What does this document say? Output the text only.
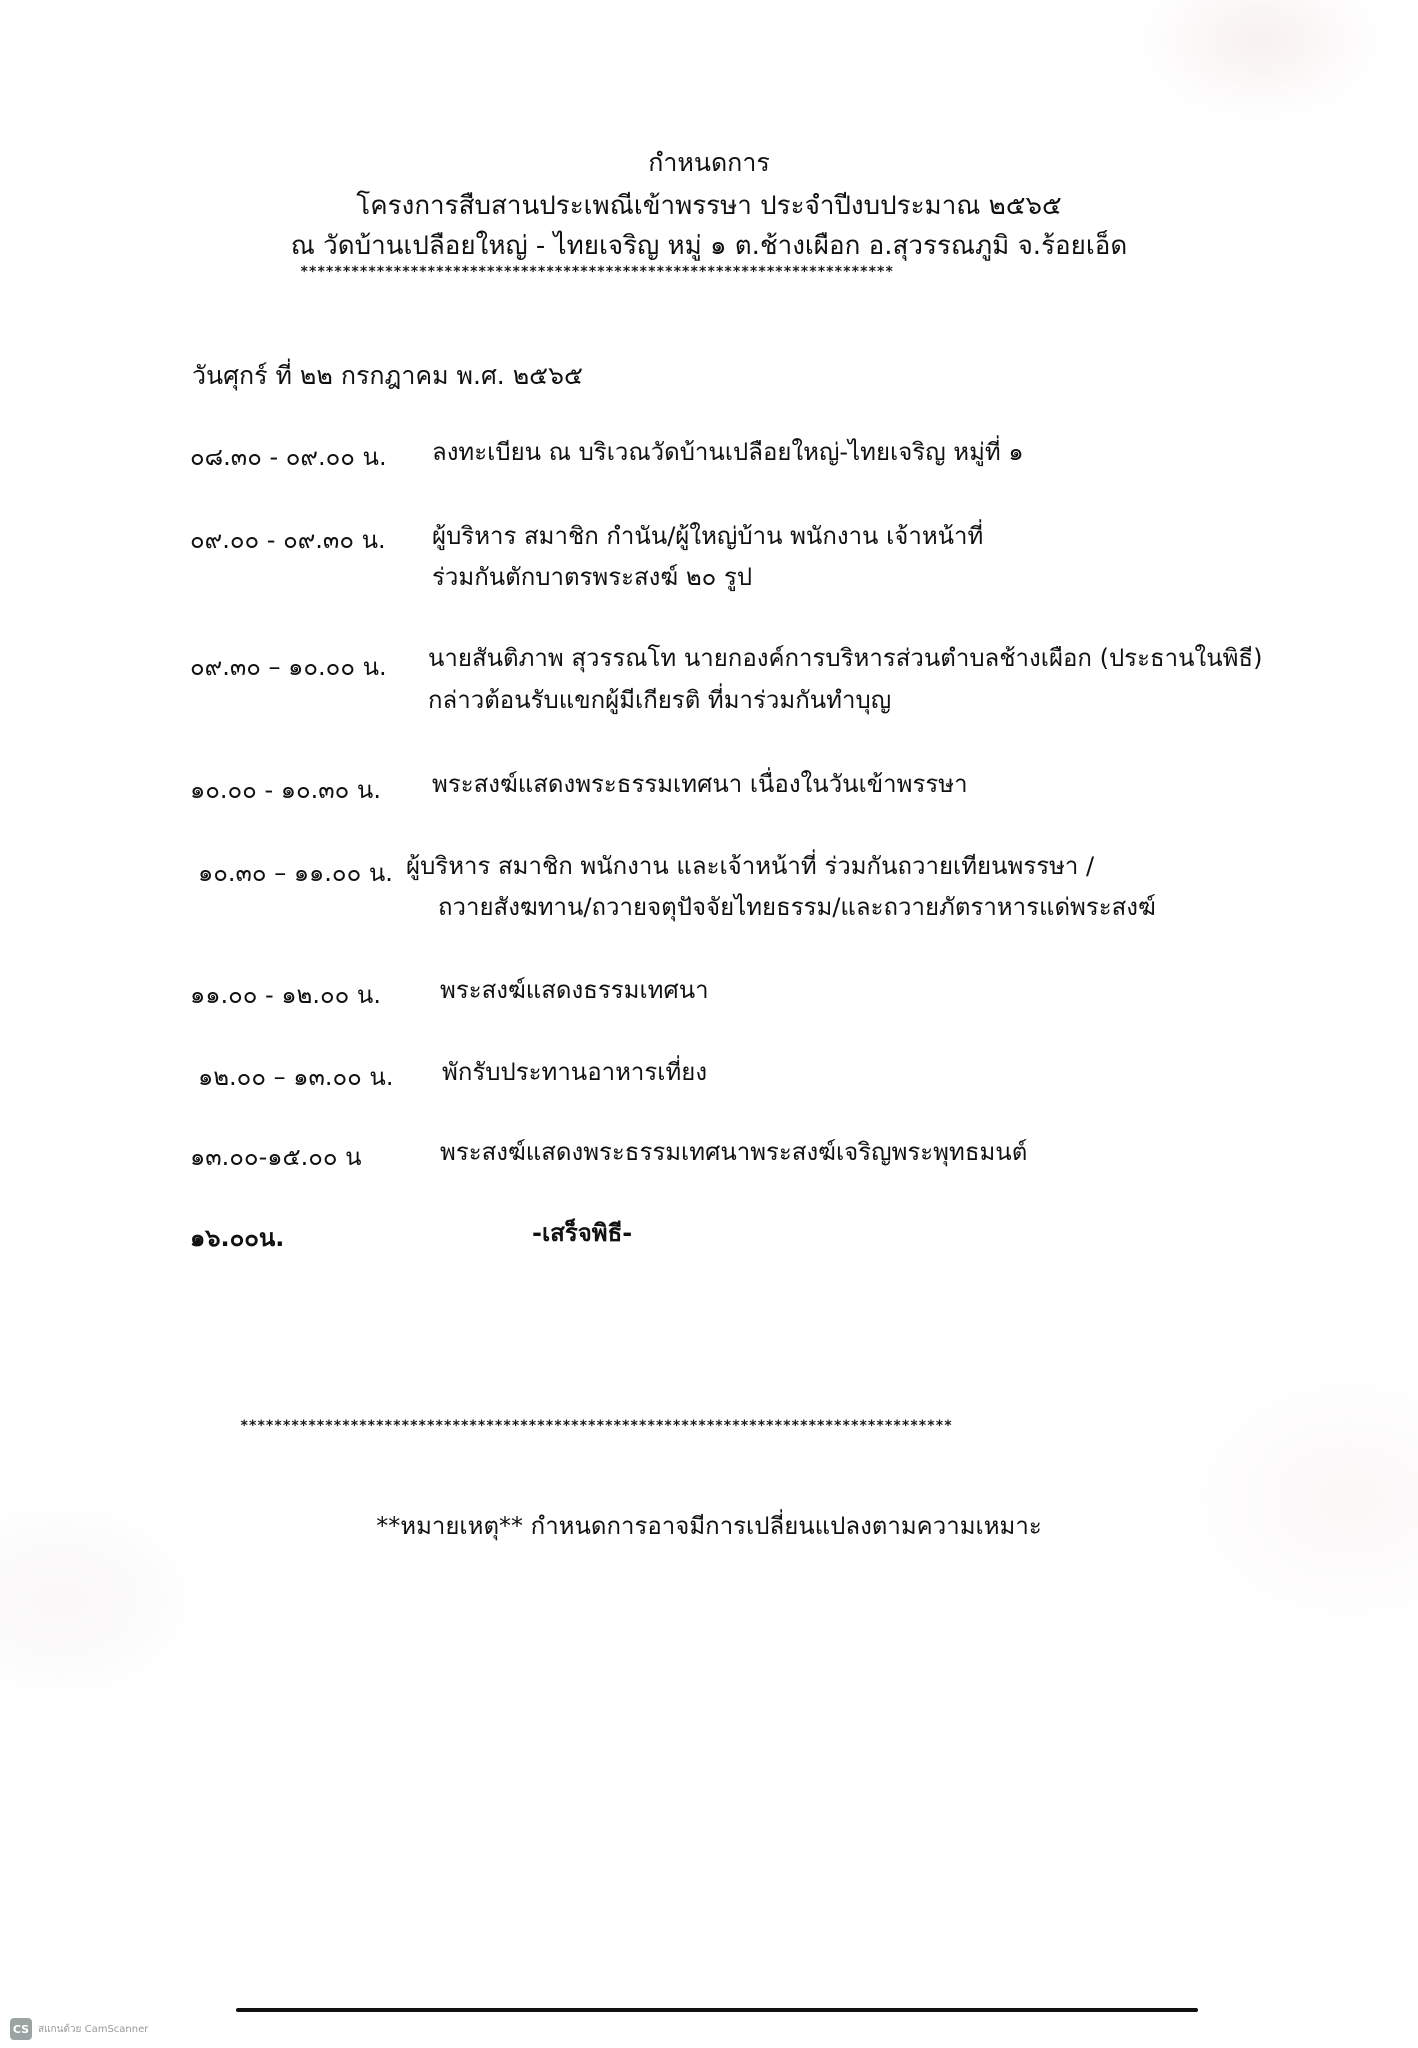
กำหนดการ
โครงการสืบสานประเพณีเข้าพรรษา ประจำปีงบประมาณ ๒๕๖๕
ณ วัดบ้านเปลือยใหญ่ - ไทยเจริญ หมู่ ๑ ต.ช้างเผือก อ.สุวรรณภูมิ จ.ร้อยเอ็ด
**********************************************************************
วันศุกร์ ที่ ๒๒ กรกฎาคม พ.ศ. ๒๕๖๕
๐๘.๓๐ - ๐๙.๐๐ น. ลงทะเบียน ณ บริเวณวัดบ้านเปลือยใหญ่-ไทยเจริญ หมู่ที่ ๑
๐๙.๐๐ - ๐๙.๓๐ น. ผู้บริหาร สมาชิก กำนัน/ผู้ใหญ่บ้าน พนักงาน เจ้าหน้าที่
ร่วมกันตักบาตรพระสงฆ์ ๒๐ รูป
๐๙.๓๐ – ๑๐.๐๐ น. นายสันติภาพ สุวรรณโท นายกองค์การบริหารส่วนตำบลช้างเผือก (ประธานในพิธี)
กล่าวต้อนรับแขกผู้มีเกียรติ ที่มาร่วมกันทำบุญ
๑๐.๐๐ - ๑๐.๓๐ น. พระสงฆ์แสดงพระธรรมเทศนา เนื่องในวันเข้าพรรษา
๑๐.๓๐ – ๑๑.๐๐ น. ผู้บริหาร สมาชิก พนักงาน และเจ้าหน้าที่ ร่วมกันถวายเทียนพรรษา /
ถวายสังฆทาน/ถวายจตุปัจจัยไทยธรรม/และถวายภัตราหารแด่พระสงฆ์
๑๑.๐๐ - ๑๒.๐๐ น. พระสงฆ์แสดงธรรมเทศนา
๑๒.๐๐ – ๑๓.๐๐ น. พักรับประทานอาหารเที่ยง
๑๓.๐๐-๑๕.๐๐ น	พระสงฆ์แสดงพระธรรมเทศนาพระสงฆ์เจริญพระพุทธมนต์
๑๖.๐๐น.	-เสร็จพิธี-
************************************************************************************
**หมายเหตุ** กำหนดการอาจมีการเปลี่ยนแปลงตามความเหมาะ
CS สแกนด้วย CamScanner
